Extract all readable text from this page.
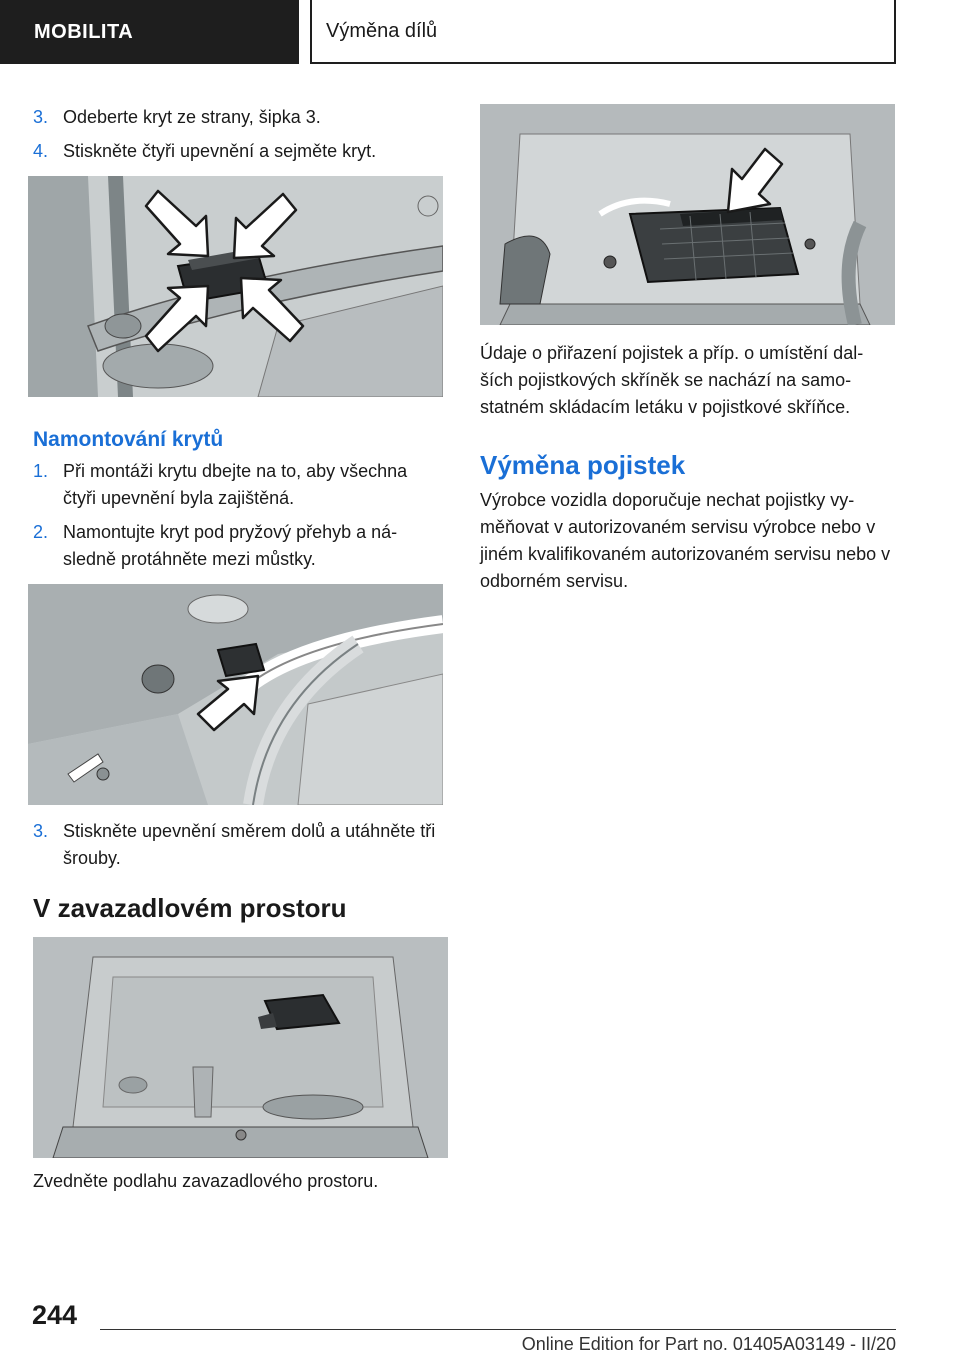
MOBILITA	Výměna dílů

3. Odeberte kryt ze strany, šipka 3.

4. Stiskněte čtyři upevnění a sejměte kryt.

Namontování krytů

1. Při montáži krytu dbejte na to, aby všechna čtyři upevnění byla zajištěná.

2. Namontujte kryt pod pryžový přehyb a ná‐sledně protáhněte mezi můstky.

3. Stiskněte upevnění směrem dolů a utáhněte tři šrouby.

V zavazadlovém prostoru

Zvedněte podlahu zavazadlového prostoru.

Údaje o přiřazení pojistek a příp. o umístění dal‐ších pojistkových skříněk se nachází na samo‐statném skládacím letáku v pojistkové skříňce.

Výměna pojistek

Výrobce vozidla doporučuje nechat pojistky vy‐měňovat v autorizovaném servisu výrobce nebo v jiném kvalifikovaném autorizovaném servisu nebo v odborném servisu.

244
Online Edition for Part no. 01405A03149 - II/20
